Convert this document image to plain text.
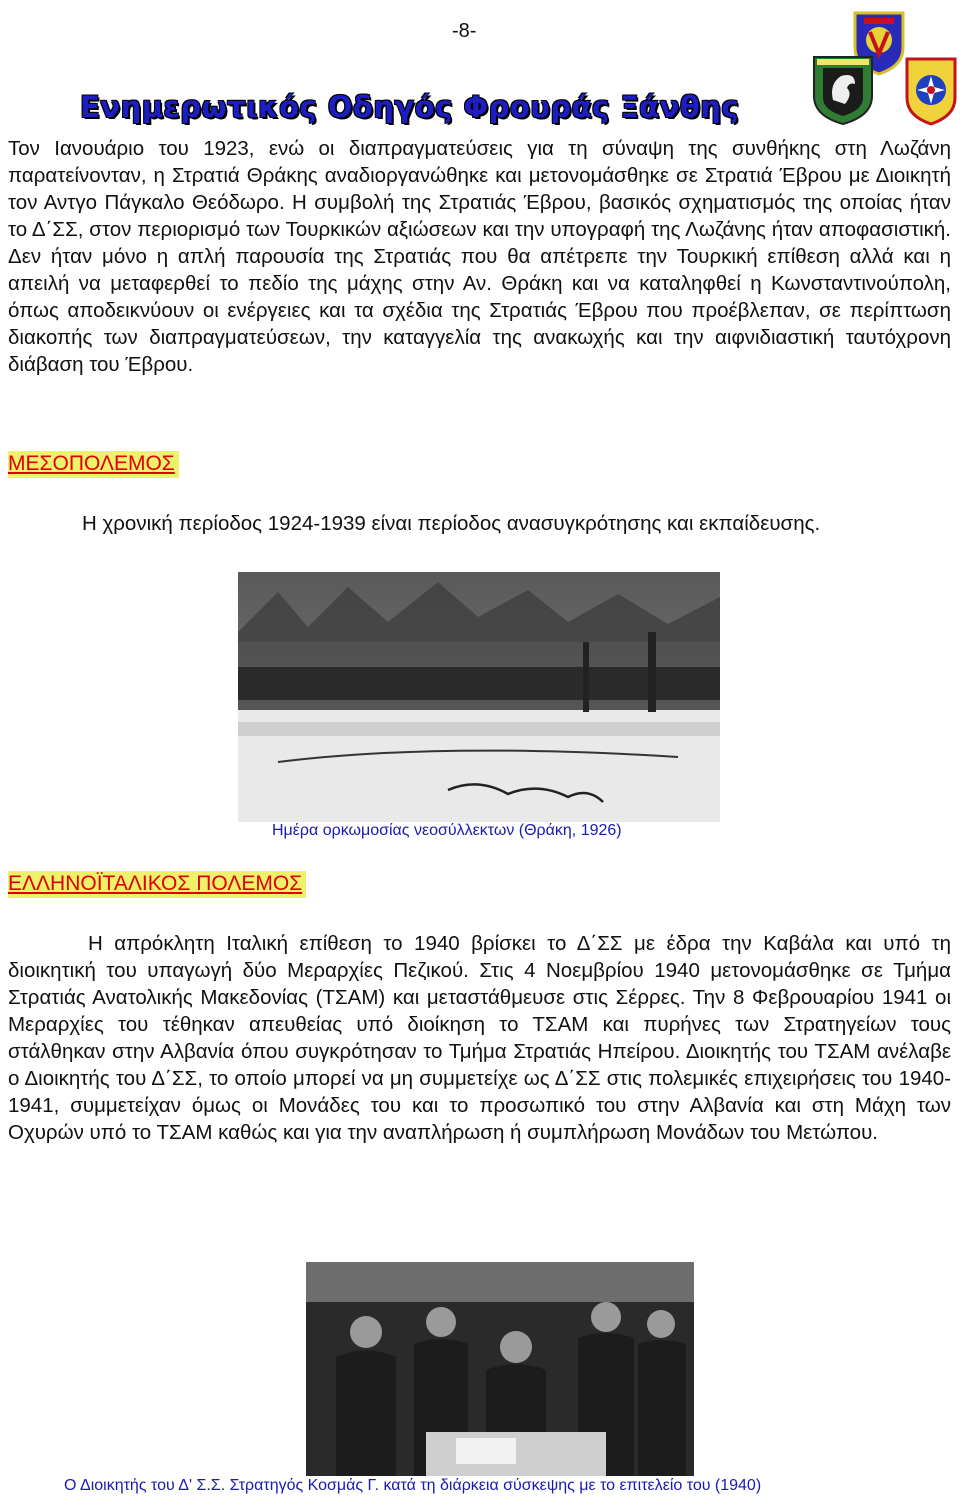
-8-
Ενημερωτικός Οδηγός Φρουράς Ξάνθης

Τον Ιανουάριο του 1923, ενώ οι διαπραγματεύσεις για τη σύναψη της συνθήκης στη Λωζάνη παρατείνονταν, η Στρατιά Θράκης αναδιοργανώθηκε και μετονομάσθηκε σε Στρατιά Έβρου με Διοικητή τον Αντγο Πάγκαλο Θεόδωρο. Η συμβολή της Στρατιάς Έβρου, βασικός σχηματισμός της οποίας ήταν το Δ΄ΣΣ, στον περιορισμό των Τουρκικών αξιώσεων και την υπογραφή της Λωζάνης ήταν αποφασιστική. Δεν ήταν μόνο η απλή παρουσία της Στρατιάς που θα απέτρεπε την Τουρκική επίθεση αλλά και η απειλή να μεταφερθεί το πεδίο της μάχης στην Αν. Θράκη και να καταληφθεί η Κωνσταντινούπολη, όπως αποδεικνύουν οι ενέργειες και τα σχέδια της Στρατιάς Έβρου που προέβλεπαν, σε περίπτωση διακοπής των διαπραγματεύσεων, την καταγγελία της ανακωχής και την αιφνιδιαστική ταυτόχρονη διάβαση του Έβρου.

ΜΕΣΟΠΟΛΕΜΟΣ

Η χρονική περίοδος 1924-1939 είναι περίοδος ανασυγκρότησης και εκπαίδευσης.

Ημέρα ορκωμοσίας νεοσύλλεκτων (Θράκη, 1926)
ΕΛΛΗΝΟΪΤΑΛΙΚΟΣ ΠΟΛΕΜΟΣ

Η απρόκλητη Ιταλική επίθεση το 1940 βρίσκει το Δ΄ΣΣ με έδρα την Καβάλα και υπό τη διοικητική του υπαγωγή δύο Μεραρχίες Πεζικού. Στις 4 Νοεμβρίου 1940 μετονομάσθηκε σε Τμήμα Στρατιάς Ανατολικής Μακεδονίας (ΤΣΑΜ) και μεταστάθμευσε στις Σέρρες. Την 8 Φεβρουαρίου 1941 οι Μεραρχίες του τέθηκαν απευθείας υπό διοίκηση το ΤΣΑΜ και πυρήνες των Στρατηγείων τους στάλθηκαν στην Αλβανία όπου συγκρότησαν το Τμήμα Στρατιάς Ηπείρου. Διοικητής του ΤΣΑΜ ανέλαβε ο Διοικητής του Δ΄ΣΣ, το οποίο μπορεί να μη συμμετείχε ως Δ΄ΣΣ στις πολεμικές επιχειρήσεις του 1940-1941, συμμετείχαν όμως οι Μονάδες του και το προσωπικό του στην Αλβανία και στη Μάχη των Οχυρών υπό το ΤΣΑΜ καθώς και για την αναπλήρωση ή συμπλήρωση Μονάδων του Μετώπου.

Ο Διοικητής του Δ' Σ.Σ. Στρατηγός Κοσμάς Γ. κατά τη διάρκεια σύσκεψης με το επιτελείο του (1940)
